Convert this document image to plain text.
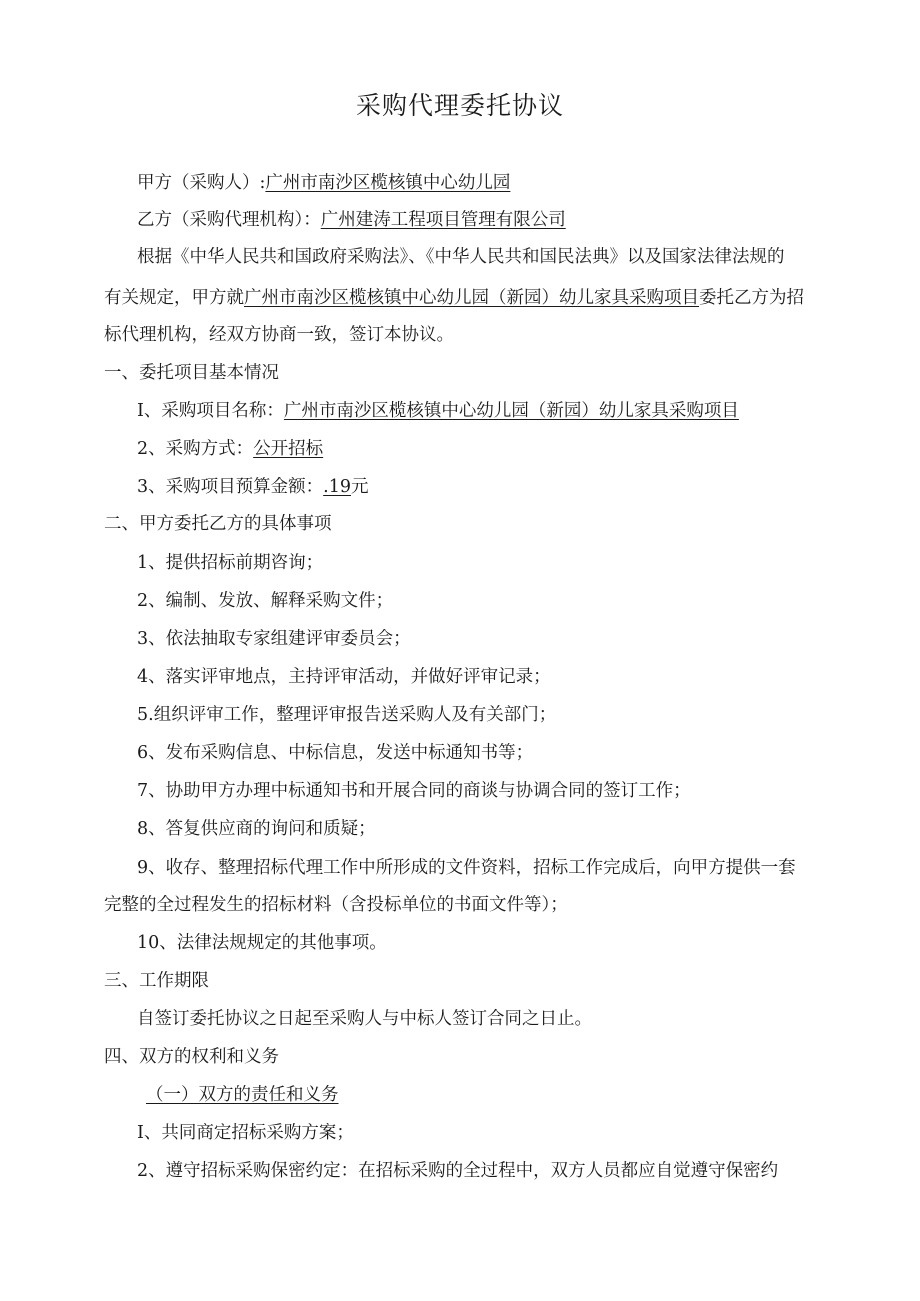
采购代理委托协议
甲方（采购人）:广州市南沙区榄核镇中心幼儿园
乙方（采购代理机构）：广州建涛工程项目管理有限公司
根据《中华人民共和国政府采购法》、《中华人民共和国民法典》以及国家法律法规的
有关规定，甲方就广州市南沙区榄核镇中心幼儿园（新园）幼儿家具采购项目委托乙方为招
标代理机构，经双方协商一致，签订本协议。
一、委托项目基本情况
I、采购项目名称：广州市南沙区榄核镇中心幼儿园（新园）幼儿家具采购项目
2、采购方式：公开招标
3、采购项目预算金额：.19元
二、甲方委托乙方的具体事项
1、提供招标前期咨询；
2、编制、发放、解释采购文件；
3、依法抽取专家组建评审委员会；
4、落实评审地点，主持评审活动，并做好评审记录；
5.组织评审工作，整理评审报告送采购人及有关部门；
6、发布采购信息、中标信息，发送中标通知书等；
7、协助甲方办理中标通知书和开展合同的商谈与协调合同的签订工作；
8、答复供应商的询问和质疑；
9、收存、整理招标代理工作中所形成的文件资料，招标工作完成后，向甲方提供一套
完整的全过程发生的招标材料（含投标单位的书面文件等）；
10、法律法规规定的其他事项。
三、工作期限
自签订委托协议之日起至采购人与中标人签订合同之日止。
四、双方的权利和义务
（一）双方的责任和义务
I、共同商定招标采购方案；
2、遵守招标采购保密约定：在招标采购的全过程中，双方人员都应自觉遵守保密约
